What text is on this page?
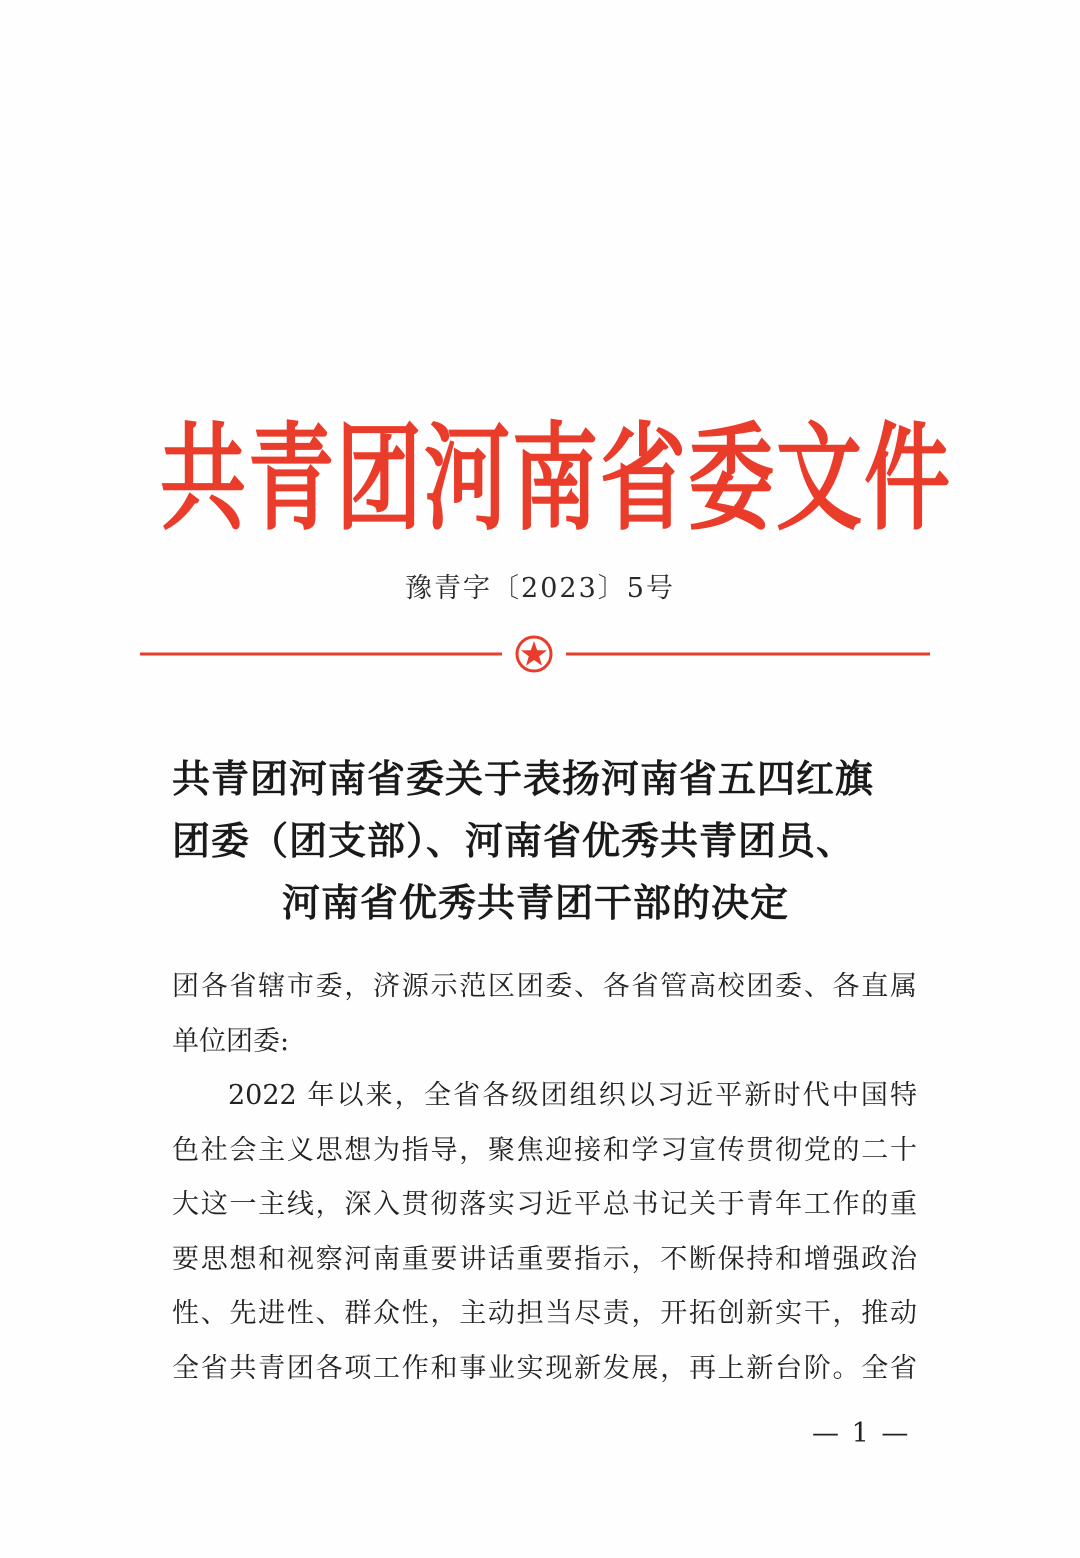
共青团河南省委文件
豫青字〔2023〕5号
共青团河南省委关于表扬河南省五四红旗
团委（团支部）、河南省优秀共青团员、
河南省优秀共青团干部的决定
团各省辖市委，济源示范区团委、各省管高校团委、各直属
单位团委:
2022 年以来，全省各级团组织以习近平新时代中国特
色社会主义思想为指导，聚焦迎接和学习宣传贯彻党的二十
大这一主线，深入贯彻落实习近平总书记关于青年工作的重
要思想和视察河南重要讲话重要指示，不断保持和增强政治
性、先进性、群众性，主动担当尽责，开拓创新实干，推动
全省共青团各项工作和事业实现新发展，再上新台阶。全省
— 1 —
